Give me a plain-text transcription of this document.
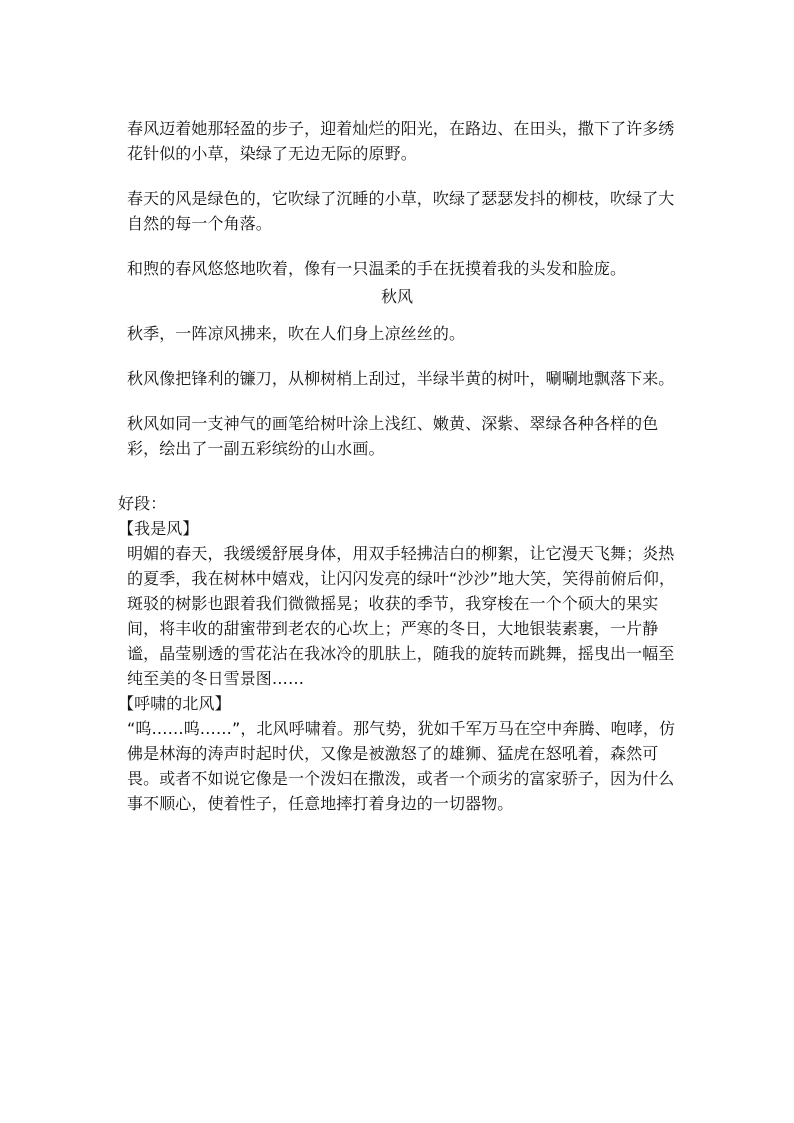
春风迈着她那轻盈的步子，迎着灿烂的阳光，在路边、在田头，撒下了许多绣花针似的小草，染绿了无边无际的原野。

春天的风是绿色的，它吹绿了沉睡的小草，吹绿了瑟瑟发抖的柳枝，吹绿了大自然的每一个角落。

和煦的春风悠悠地吹着，像有一只温柔的手在抚摸着我的头发和脸庞。

秋风

秋季，一阵凉风拂来，吹在人们身上凉丝丝的。

秋风像把锋利的镰刀，从柳树梢上刮过，半绿半黄的树叶，唰唰地飘落下来。

秋风如同一支神气的画笔给树叶涂上浅红、嫩黄、深紫、翠绿各种各样的色彩，绘出了一副五彩缤纷的山水画。

好段：

【我是风】

明媚的春天，我缓缓舒展身体，用双手轻拂洁白的柳絮，让它漫天飞舞；炎热的夏季，我在树林中嬉戏，让闪闪发亮的绿叶“沙沙”地大笑，笑得前俯后仰，斑驳的树影也跟着我们微微摇晃；收获的季节，我穿梭在一个个硕大的果实间，将丰收的甜蜜带到老农的心坎上；严寒的冬日，大地银装素裹，一片静谧，晶莹剔透的雪花沾在我冰冷的肌肤上，随我的旋转而跳舞，摇曳出一幅至纯至美的冬日雪景图……

【呼啸的北风】

“呜……呜……”，北风呼啸着。那气势，犹如千军万马在空中奔腾、咆哮，仿佛是林海的涛声时起时伏，又像是被激怒了的雄狮、猛虎在怒吼着，森然可畏。或者不如说它像是一个泼妇在撒泼，或者一个顽劣的富家骄子，因为什么事不顺心，使着性子，任意地摔打着身边的一切器物。
